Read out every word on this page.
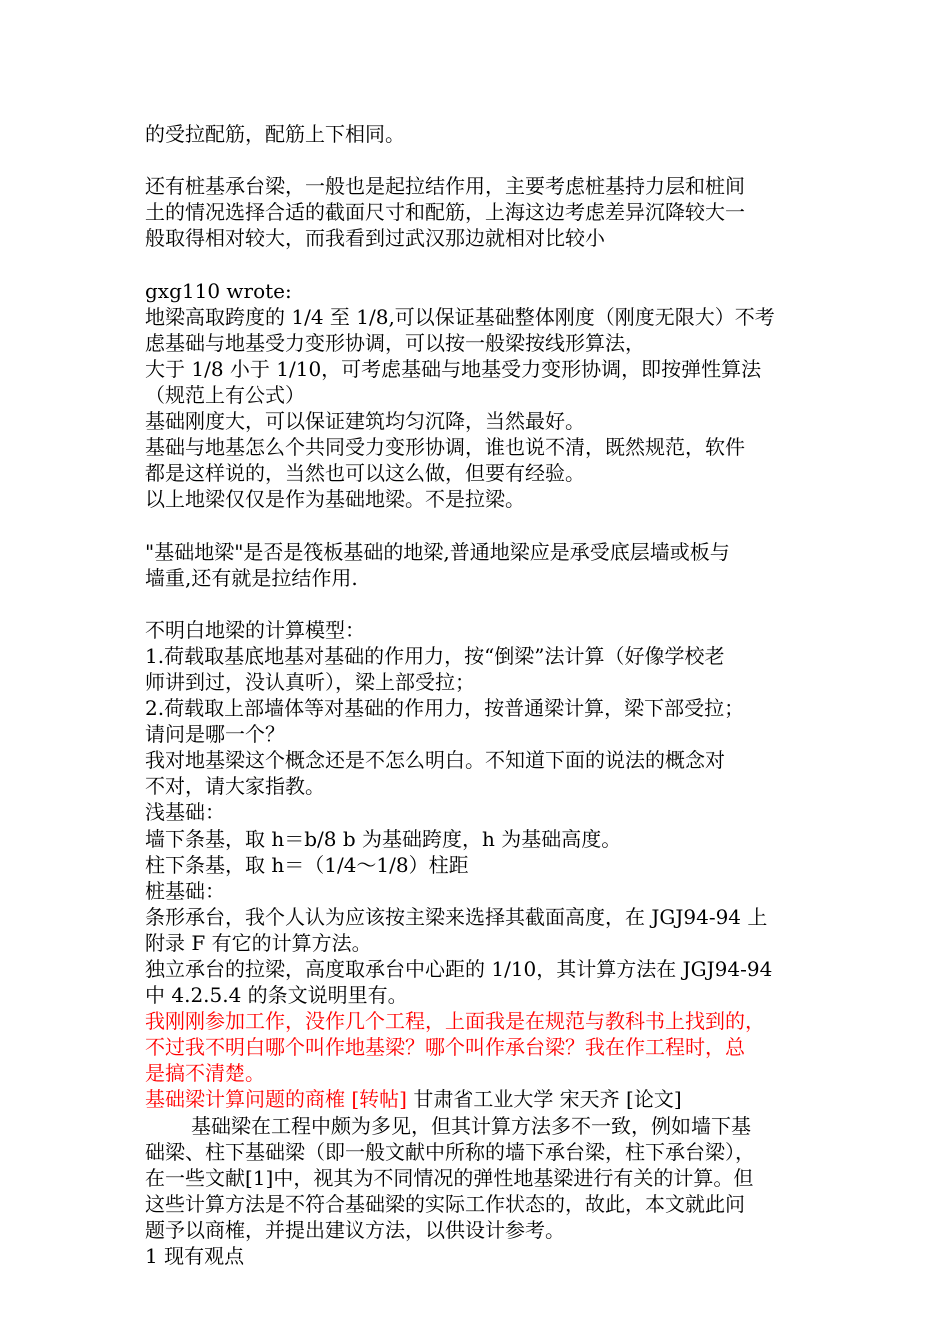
的受拉配筋，配筋上下相同。
还有桩基承台梁，一般也是起拉结作用，主要考虑桩基持力层和桩间
土的情况选择合适的截面尺寸和配筋，上海这边考虑差异沉降较大一
般取得相对较大，而我看到过武汉那边就相对比较小
gxg110 wrote:
地梁高取跨度的 1/4 至 1/8,可以保证基础整体刚度（刚度无限大）不考
虑基础与地基受力变形协调，可以按一般梁按线形算法，
大于 1/8 小于 1/10，可考虑基础与地基受力变形协调，即按弹性算法
（规范上有公式）
基础刚度大，可以保证建筑均匀沉降，当然最好。
基础与地基怎么个共同受力变形协调，谁也说不清，既然规范，软件
都是这样说的，当然也可以这么做，但要有经验。
以上地梁仅仅是作为基础地梁。不是拉梁。
"基础地梁"是否是筏板基础的地梁,普通地梁应是承受底层墙或板与
墙重,还有就是拉结作用.
不明白地梁的计算模型：
1.荷载取基底地基对基础的作用力，按“倒梁”法计算（好像学校老
师讲到过，没认真听），梁上部受拉；
2.荷载取上部墙体等对基础的作用力，按普通梁计算，梁下部受拉；
请问是哪一个？
我对地基梁这个概念还是不怎么明白。不知道下面的说法的概念对
不对，请大家指教。
浅基础：
墙下条基，取 h＝b/8 b 为基础跨度，h 为基础高度。
柱下条基，取 h＝（1/4～1/8）柱距
桩基础：
条形承台，我个人认为应该按主梁来选择其截面高度，在 JGJ94-94 上
附录 F 有它的计算方法。
独立承台的拉梁，高度取承台中心距的 1/10，其计算方法在 JGJ94-94
中 4.2.5.4 的条文说明里有。
我刚刚参加工作，没作几个工程，上面我是在规范与教科书上找到的，
不过我不明白哪个叫作地基梁？哪个叫作承台梁？我在作工程时，总
是搞不清楚。
基础梁计算问题的商榷 [转帖] 甘肃省工业大学 宋天齐 [论文]
基础梁在工程中颇为多见，但其计算方法多不一致，例如墙下基
础梁、柱下基础梁（即一般文献中所称的墙下承台梁，柱下承台梁），
在一些文献[1]中，视其为不同情况的弹性地基梁进行有关的计算。但
这些计算方法是不符合基础梁的实际工作状态的，故此，本文就此问
题予以商榷，并提出建议方法，以供设计参考。
1 现有观点
